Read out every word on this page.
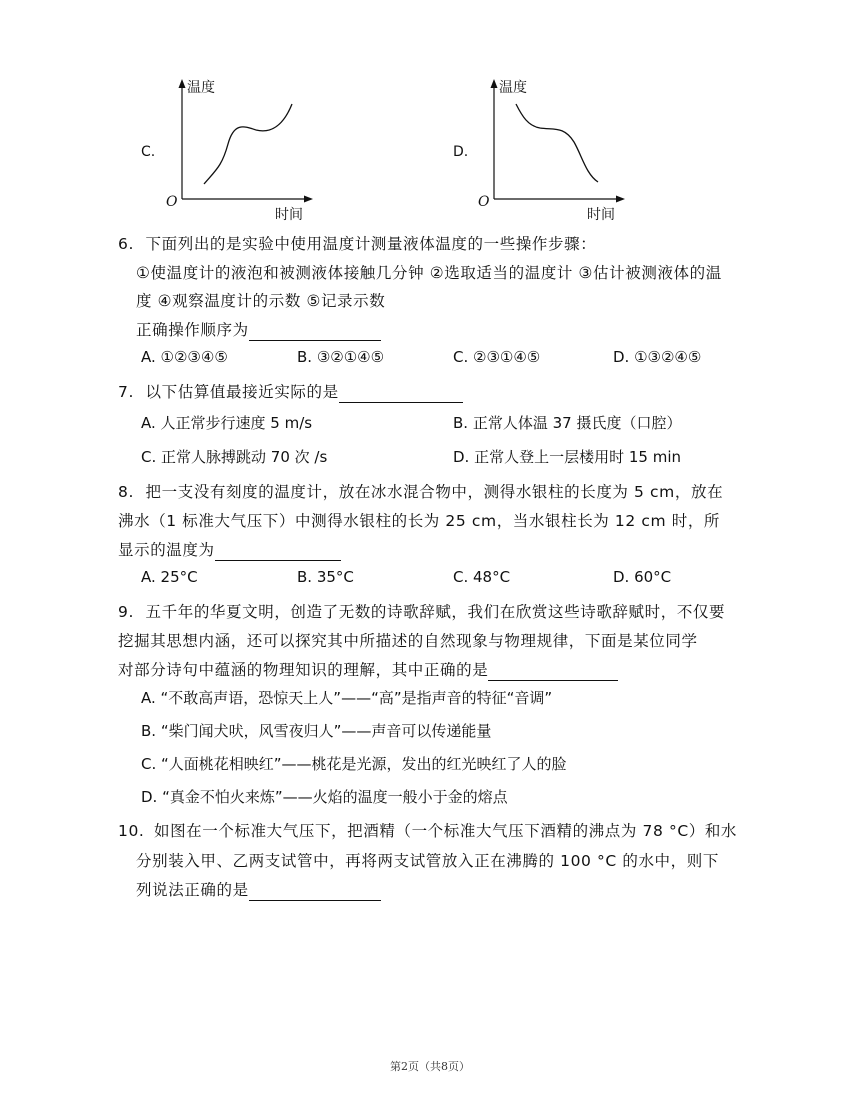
C.
温度
O
时间
D.
温度
O
时间
6. 下面列出的是实验中使用温度计测量液体温度的一些操作步骤：
①使温度计的液泡和被测液体接触几分钟 ②选取适当的温度计 ③估计被测液体的温
度 ④观察温度计的示数 ⑤记录示数
正确操作顺序为
A. ①②③④⑤	B. ③②①④⑤	C. ②③①④⑤	D. ①③②④⑤
7. 以下估算值最接近实际的是
A. 人正常步行速度 5 m/s	B. 正常人体温 37 摄氏度（口腔）
C. 正常人脉搏跳动 70 次 /s	D. 正常人登上一层楼用时 15 min
8. 把一支没有刻度的温度计，放在冰水混合物中，测得水银柱的长度为 5 cm，放在
沸水（1 标准大气压下）中测得水银柱的长为 25 cm，当水银柱长为 12 cm 时，所
显示的温度为
A. 25°C	B. 35°C	C. 48°C	D. 60°C
9. 五千年的华夏文明，创造了无数的诗歌辞赋，我们在欣赏这些诗歌辞赋时，不仅要
挖掘其思想内涵，还可以探究其中所描述的自然现象与物理规律，下面是某位同学
对部分诗句中蕴涵的物理知识的理解，其中正确的是
A. “不敢高声语，恐惊天上人”——“高”是指声音的特征“音调”
B. “柴门闻犬吠，风雪夜归人”——声音可以传递能量
C. “人面桃花相映红”——桃花是光源，发出的红光映红了人的脸
D. “真金不怕火来炼”——火焰的温度一般小于金的熔点
10. 如图在一个标准大气压下，把酒精（一个标准大气压下酒精的沸点为 78 °C）和水
分别装入甲、乙两支试管中，再将两支试管放入正在沸腾的 100 °C 的水中，则下
列说法正确的是
第2页（共8页）
